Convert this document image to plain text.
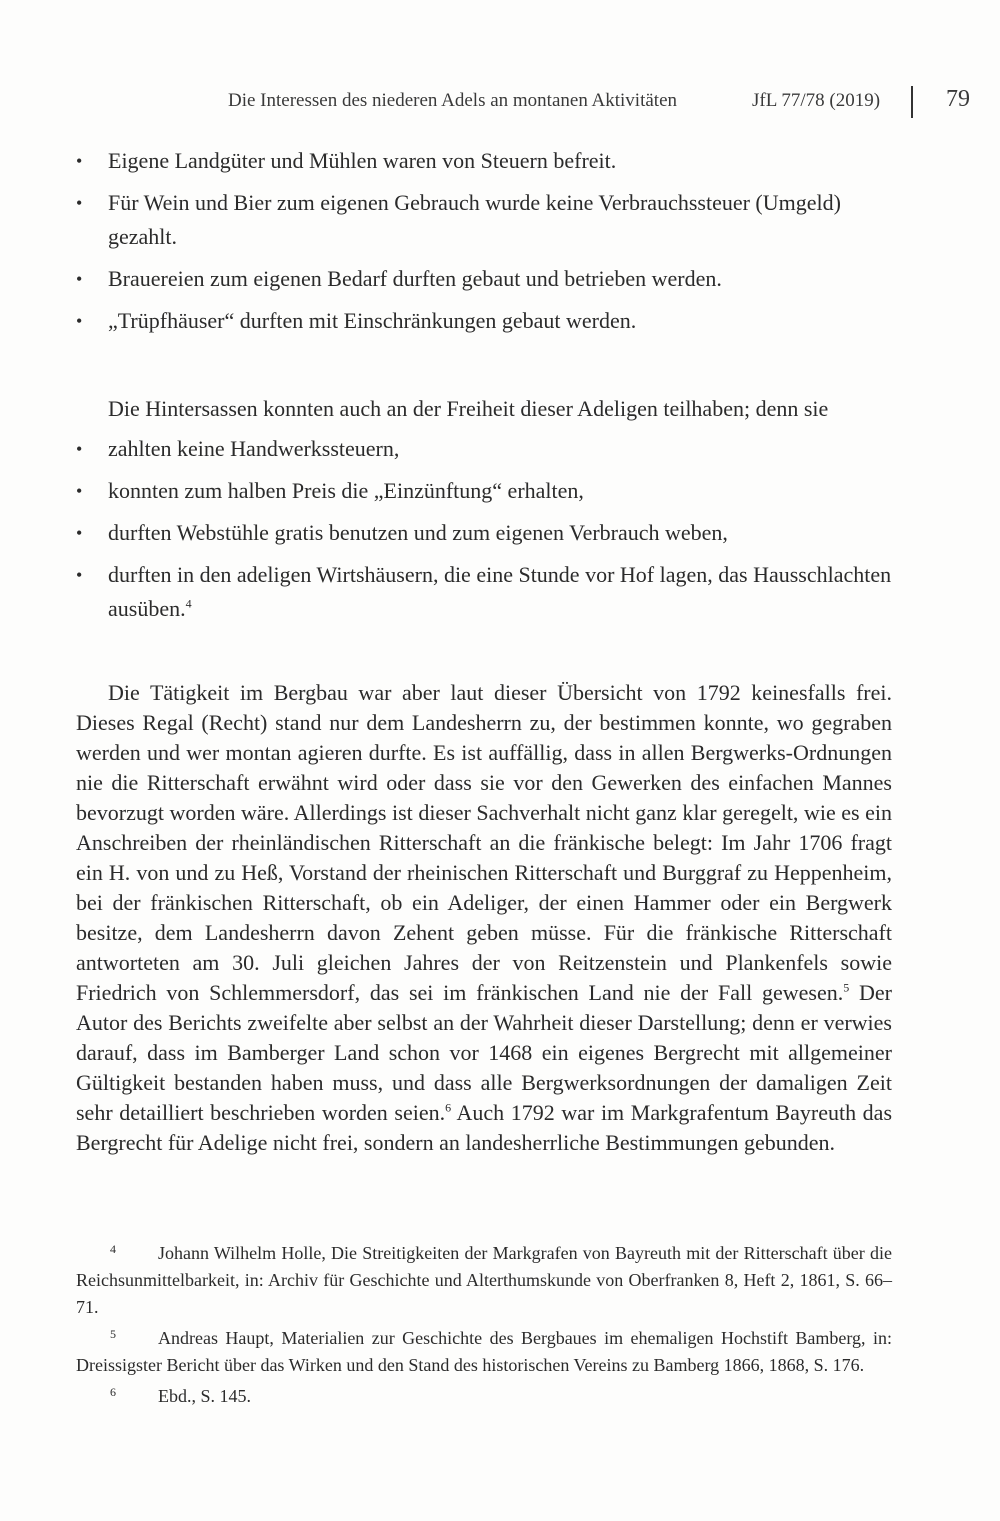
Die Interessen des niederen Adels an montanen Aktivitäten	JfL 77/78 (2019)	79
• Eigene Landgüter und Mühlen waren von Steuern befreit.
• Für Wein und Bier zum eigenen Gebrauch wurde keine Verbrauchssteuer (Umgeld) gezahlt.
• Brauereien zum eigenen Bedarf durften gebaut und betrieben werden.
• „Trüpfhäuser“ durften mit Einschränkungen gebaut werden.
Die Hintersassen konnten auch an der Freiheit dieser Adeligen teilhaben; denn sie
• zahlten keine Handwerkssteuern,
• konnten zum halben Preis die „Einzünftung“ erhalten,
• durften Webstühle gratis benutzen und zum eigenen Verbrauch weben,
• durften in den adeligen Wirtshäusern, die eine Stunde vor Hof lagen, das Hausschlachten ausüben.$^4$
Die Tätigkeit im Bergbau war aber laut dieser Übersicht von 1792 keinesfalls frei. Dieses Regal (Recht) stand nur dem Landesherrn zu, der bestimmen konnte, wo gegraben werden und wer montan agieren durfte. Es ist auffällig, dass in allen Bergwerks-Ordnungen nie die Ritterschaft erwähnt wird oder dass sie vor den Gewerken des einfachen Mannes bevorzugt worden wäre. Allerdings ist dieser Sachverhalt nicht ganz klar geregelt, wie es ein Anschreiben der rheinländischen Ritterschaft an die fränkische belegt: Im Jahr 1706 fragt ein H. von und zu Heß, Vorstand der rheinischen Ritterschaft und Burggraf zu Heppenheim, bei der fränkischen Ritterschaft, ob ein Adeliger, der einen Hammer oder ein Bergwerk besitze, dem Landesherrn davon Zehent geben müsse. Für die fränkische Ritterschaft antworteten am 30. Juli gleichen Jahres der von Reitzenstein und Plankenfels sowie Friedrich von Schlemmersdorf, das sei im fränkischen Land nie der Fall gewesen.$^5$ Der Autor des Berichts zweifelte aber selbst an der Wahrheit dieser Darstellung; denn er verwies darauf, dass im Bamberger Land schon vor 1468 ein eigenes Bergrecht mit allgemeiner Gültigkeit bestanden haben muss, und dass alle Bergwerksordnungen der damaligen Zeit sehr detailliert beschrieben worden seien.$^6$ Auch 1792 war im Markgrafentum Bayreuth das Bergrecht für Adelige nicht frei, sondern an landesherrliche Bestimmungen gebunden.
4 Johann Wilhelm Holle, Die Streitigkeiten der Markgrafen von Bayreuth mit der Ritterschaft über die Reichsunmittelbarkeit, in: Archiv für Geschichte und Alterthumskunde von Oberfranken 8, Heft 2, 1861, S. 66–71.
5 Andreas Haupt, Materialien zur Geschichte des Bergbaues im ehemaligen Hochstift Bamberg, in: Dreissigster Bericht über das Wirken und den Stand des historischen Vereins zu Bamberg 1866, 1868, S. 176.
6 Ebd., S. 145.
